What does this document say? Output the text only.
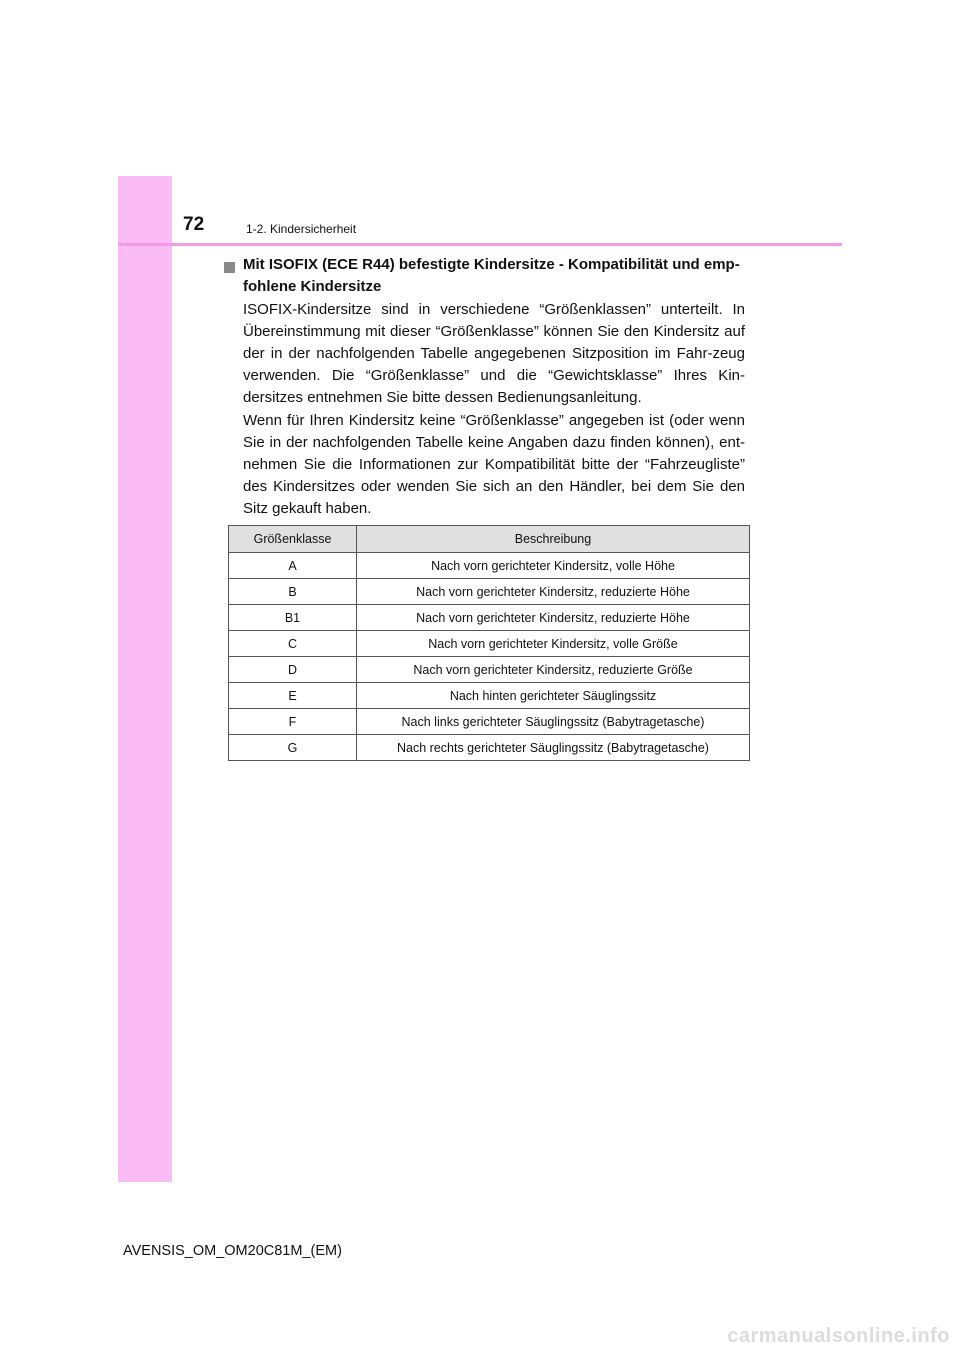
72	1-2. Kindersicherheit
Mit ISOFIX (ECE R44) befestigte Kindersitze - Kompatibilität und emp-fohlene Kindersitze
ISOFIX-Kindersitze sind in verschiedene “Größenklassen” unterteilt. In Übereinstimmung mit dieser “Größenklasse” können Sie den Kindersitz auf der in der nachfolgenden Tabelle angegebenen Sitzposition im Fahr-zeug verwenden. Die “Größenklasse” und die “Gewichtsklasse” Ihres Kin-dersitzes entnehmen Sie bitte dessen Bedienungsanleitung.
Wenn für Ihren Kindersitz keine “Größenklasse” angegeben ist (oder wenn Sie in der nachfolgenden Tabelle keine Angaben dazu finden können), ent-nehmen Sie die Informationen zur Kompatibilität bitte der “Fahrzeugliste” des Kindersitzes oder wenden Sie sich an den Händler, bei dem Sie den Sitz gekauft haben.
Größenklasse	Beschreibung
A	Nach vorn gerichteter Kindersitz, volle Höhe
B	Nach vorn gerichteter Kindersitz, reduzierte Höhe
B1	Nach vorn gerichteter Kindersitz, reduzierte Höhe
C	Nach vorn gerichteter Kindersitz, volle Größe
D	Nach vorn gerichteter Kindersitz, reduzierte Größe
E	Nach hinten gerichteter Säuglingssitz
F	Nach links gerichteter Säuglingssitz (Babytragetasche)
G	Nach rechts gerichteter Säuglingssitz (Babytragetasche)
AVENSIS_OM_OM20C81M_(EM)
carmanualsonline.info
